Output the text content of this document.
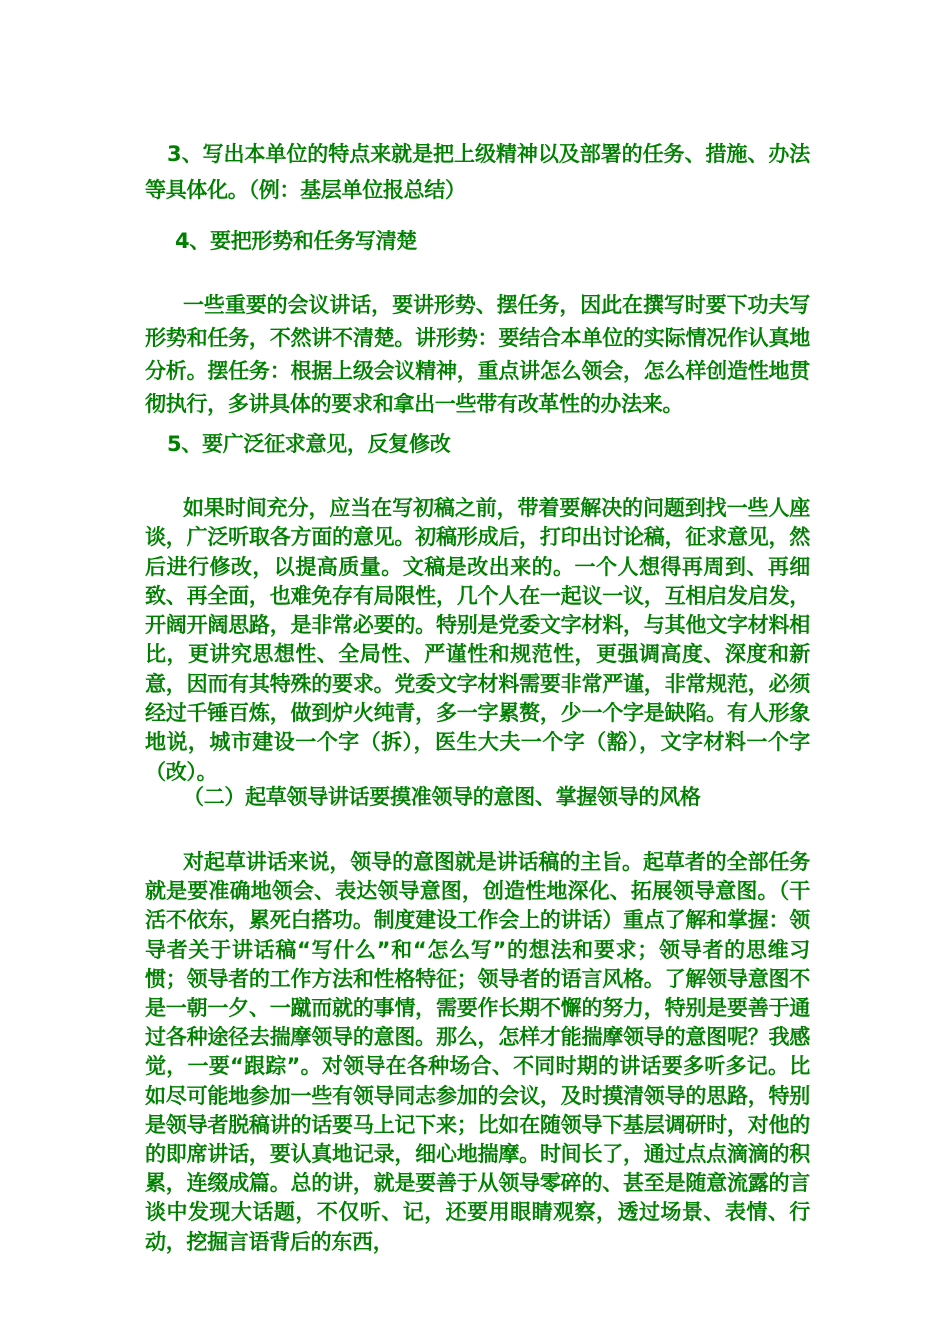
3、写出本单位的特点来就是把上级精神以及部署的任务、措施、办法等具体化。（例：基层单位报总结）

4、要把形势和任务写清楚

一些重要的会议讲话，要讲形势、摆任务，因此在撰写时要下功夫写形势和任务，不然讲不清楚。讲形势：要结合本单位的实际情况作认真地分析。摆任务：根据上级会议精神，重点讲怎么领会，怎么样创造性地贯彻执行，多讲具体的要求和拿出一些带有改革性的办法来。

5、要广泛征求意见，反复修改

如果时间充分，应当在写初稿之前，带着要解决的问题到找一些人座谈，广泛听取各方面的意见。初稿形成后，打印出讨论稿，征求意见，然后进行修改，以提高质量。文稿是改出来的。一个人想得再周到、再细致、再全面，也难免存有局限性，几个人在一起议一议，互相启发启发，开阔开阔思路，是非常必要的。特别是党委文字材料，与其他文字材料相比，更讲究思想性、全局性、严谨性和规范性，更强调高度、深度和新意，因而有其特殊的要求。党委文字材料需要非常严谨，非常规范，必须经过千锤百炼，做到炉火纯青，多一字累赘，少一个字是缺陷。有人形象地说，城市建设一个字（拆），医生大夫一个字（豁），文字材料一个字（改）。

（二）起草领导讲话要摸准领导的意图、掌握领导的风格

对起草讲话来说，领导的意图就是讲话稿的主旨。起草者的全部任务就是要准确地领会、表达领导意图，创造性地深化、拓展领导意图。（干活不依东，累死白搭功。制度建设工作会上的讲话）重点了解和掌握：领导者关于讲话稿“写什么”和“怎么写”的想法和要求；领导者的思维习惯；领导者的工作方法和性格特征；领导者的语言风格。了解领导意图不是一朝一夕、一蹴而就的事情，需要作长期不懈的努力，特别是要善于通过各种途径去揣摩领导的意图。那么，怎样才能揣摩领导的意图呢？我感觉，一要“跟踪”。对领导在各种场合、不同时期的讲话要多听多记。比如尽可能地参加一些有领导同志参加的会议，及时摸清领导的思路，特别是领导者脱稿讲的话要马上记下来；比如在随领导下基层调研时，对他的的即席讲话，要认真地记录，细心地揣摩。时间长了，通过点点滴滴的积累，连缀成篇。总的讲，就是要善于从领导零碎的、甚至是随意流露的言谈中发现大话题，不仅听、记，还要用眼睛观察，透过场景、表情、行动，挖掘言语背后的东西，
